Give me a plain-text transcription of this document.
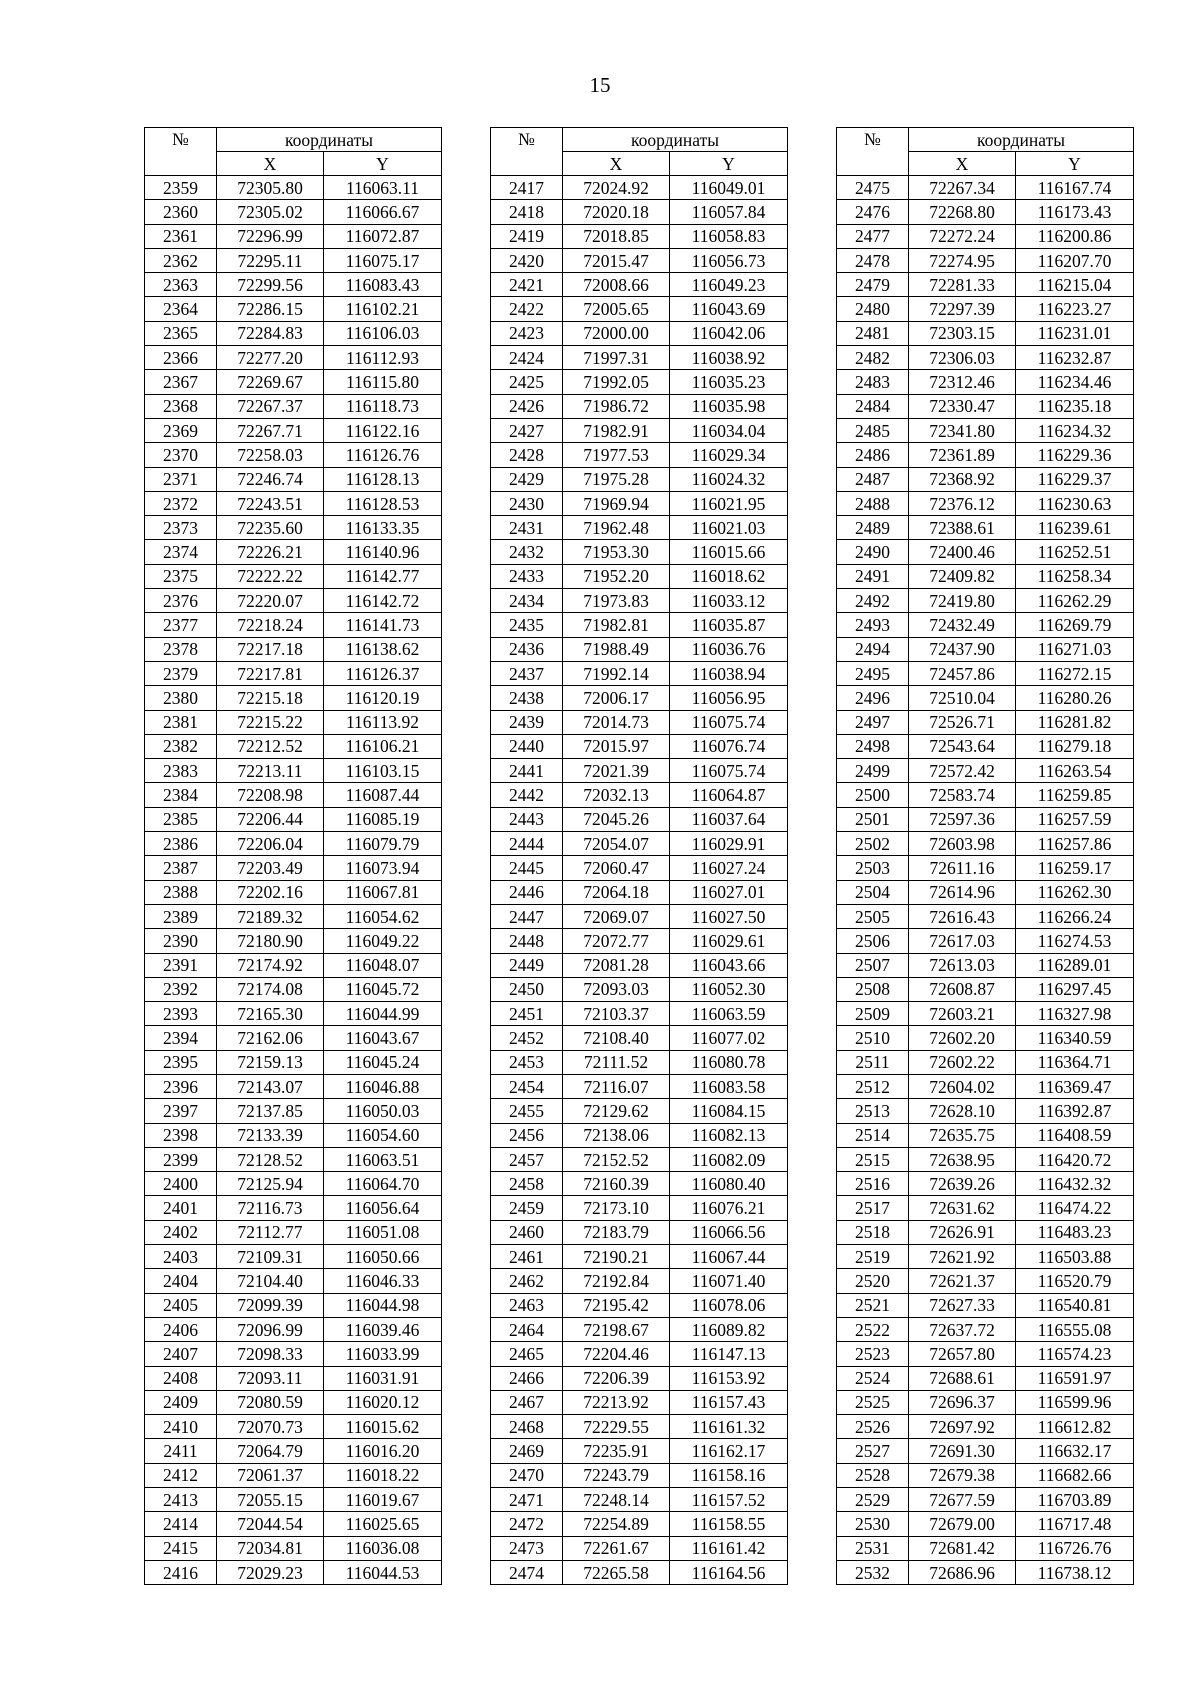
15
№	координаты	
	X	Y
2359	72305.80	116063.11
2360	72305.02	116066.67
2361	72296.99	116072.87
2362	72295.11	116075.17
2363	72299.56	116083.43
2364	72286.15	116102.21
2365	72284.83	116106.03
2366	72277.20	116112.93
2367	72269.67	116115.80
2368	72267.37	116118.73
2369	72267.71	116122.16
2370	72258.03	116126.76
2371	72246.74	116128.13
2372	72243.51	116128.53
2373	72235.60	116133.35
2374	72226.21	116140.96
2375	72222.22	116142.77
2376	72220.07	116142.72
2377	72218.24	116141.73
2378	72217.18	116138.62
2379	72217.81	116126.37
2380	72215.18	116120.19
2381	72215.22	116113.92
2382	72212.52	116106.21
2383	72213.11	116103.15
2384	72208.98	116087.44
2385	72206.44	116085.19
2386	72206.04	116079.79
2387	72203.49	116073.94
2388	72202.16	116067.81
2389	72189.32	116054.62
2390	72180.90	116049.22
2391	72174.92	116048.07
2392	72174.08	116045.72
2393	72165.30	116044.99
2394	72162.06	116043.67
2395	72159.13	116045.24
2396	72143.07	116046.88
2397	72137.85	116050.03
2398	72133.39	116054.60
2399	72128.52	116063.51
2400	72125.94	116064.70
2401	72116.73	116056.64
2402	72112.77	116051.08
2403	72109.31	116050.66
2404	72104.40	116046.33
2405	72099.39	116044.98
2406	72096.99	116039.46
2407	72098.33	116033.99
2408	72093.11	116031.91
2409	72080.59	116020.12
2410	72070.73	116015.62
2411	72064.79	116016.20
2412	72061.37	116018.22
2413	72055.15	116019.67
2414	72044.54	116025.65
2415	72034.81	116036.08
2416	72029.23	116044.53
№	координаты	
	X	Y
2417	72024.92	116049.01
2418	72020.18	116057.84
2419	72018.85	116058.83
2420	72015.47	116056.73
2421	72008.66	116049.23
2422	72005.65	116043.69
2423	72000.00	116042.06
2424	71997.31	116038.92
2425	71992.05	116035.23
2426	71986.72	116035.98
2427	71982.91	116034.04
2428	71977.53	116029.34
2429	71975.28	116024.32
2430	71969.94	116021.95
2431	71962.48	116021.03
2432	71953.30	116015.66
2433	71952.20	116018.62
2434	71973.83	116033.12
2435	71982.81	116035.87
2436	71988.49	116036.76
2437	71992.14	116038.94
2438	72006.17	116056.95
2439	72014.73	116075.74
2440	72015.97	116076.74
2441	72021.39	116075.74
2442	72032.13	116064.87
2443	72045.26	116037.64
2444	72054.07	116029.91
2445	72060.47	116027.24
2446	72064.18	116027.01
2447	72069.07	116027.50
2448	72072.77	116029.61
2449	72081.28	116043.66
2450	72093.03	116052.30
2451	72103.37	116063.59
2452	72108.40	116077.02
2453	72111.52	116080.78
2454	72116.07	116083.58
2455	72129.62	116084.15
2456	72138.06	116082.13
2457	72152.52	116082.09
2458	72160.39	116080.40
2459	72173.10	116076.21
2460	72183.79	116066.56
2461	72190.21	116067.44
2462	72192.84	116071.40
2463	72195.42	116078.06
2464	72198.67	116089.82
2465	72204.46	116147.13
2466	72206.39	116153.92
2467	72213.92	116157.43
2468	72229.55	116161.32
2469	72235.91	116162.17
2470	72243.79	116158.16
2471	72248.14	116157.52
2472	72254.89	116158.55
2473	72261.67	116161.42
2474	72265.58	116164.56
№	координаты	
	X	Y
2475	72267.34	116167.74
2476	72268.80	116173.43
2477	72272.24	116200.86
2478	72274.95	116207.70
2479	72281.33	116215.04
2480	72297.39	116223.27
2481	72303.15	116231.01
2482	72306.03	116232.87
2483	72312.46	116234.46
2484	72330.47	116235.18
2485	72341.80	116234.32
2486	72361.89	116229.36
2487	72368.92	116229.37
2488	72376.12	116230.63
2489	72388.61	116239.61
2490	72400.46	116252.51
2491	72409.82	116258.34
2492	72419.80	116262.29
2493	72432.49	116269.79
2494	72437.90	116271.03
2495	72457.86	116272.15
2496	72510.04	116280.26
2497	72526.71	116281.82
2498	72543.64	116279.18
2499	72572.42	116263.54
2500	72583.74	116259.85
2501	72597.36	116257.59
2502	72603.98	116257.86
2503	72611.16	116259.17
2504	72614.96	116262.30
2505	72616.43	116266.24
2506	72617.03	116274.53
2507	72613.03	116289.01
2508	72608.87	116297.45
2509	72603.21	116327.98
2510	72602.20	116340.59
2511	72602.22	116364.71
2512	72604.02	116369.47
2513	72628.10	116392.87
2514	72635.75	116408.59
2515	72638.95	116420.72
2516	72639.26	116432.32
2517	72631.62	116474.22
2518	72626.91	116483.23
2519	72621.92	116503.88
2520	72621.37	116520.79
2521	72627.33	116540.81
2522	72637.72	116555.08
2523	72657.80	116574.23
2524	72688.61	116591.97
2525	72696.37	116599.96
2526	72697.92	116612.82
2527	72691.30	116632.17
2528	72679.38	116682.66
2529	72677.59	116703.89
2530	72679.00	116717.48
2531	72681.42	116726.76
2532	72686.96	116738.12
